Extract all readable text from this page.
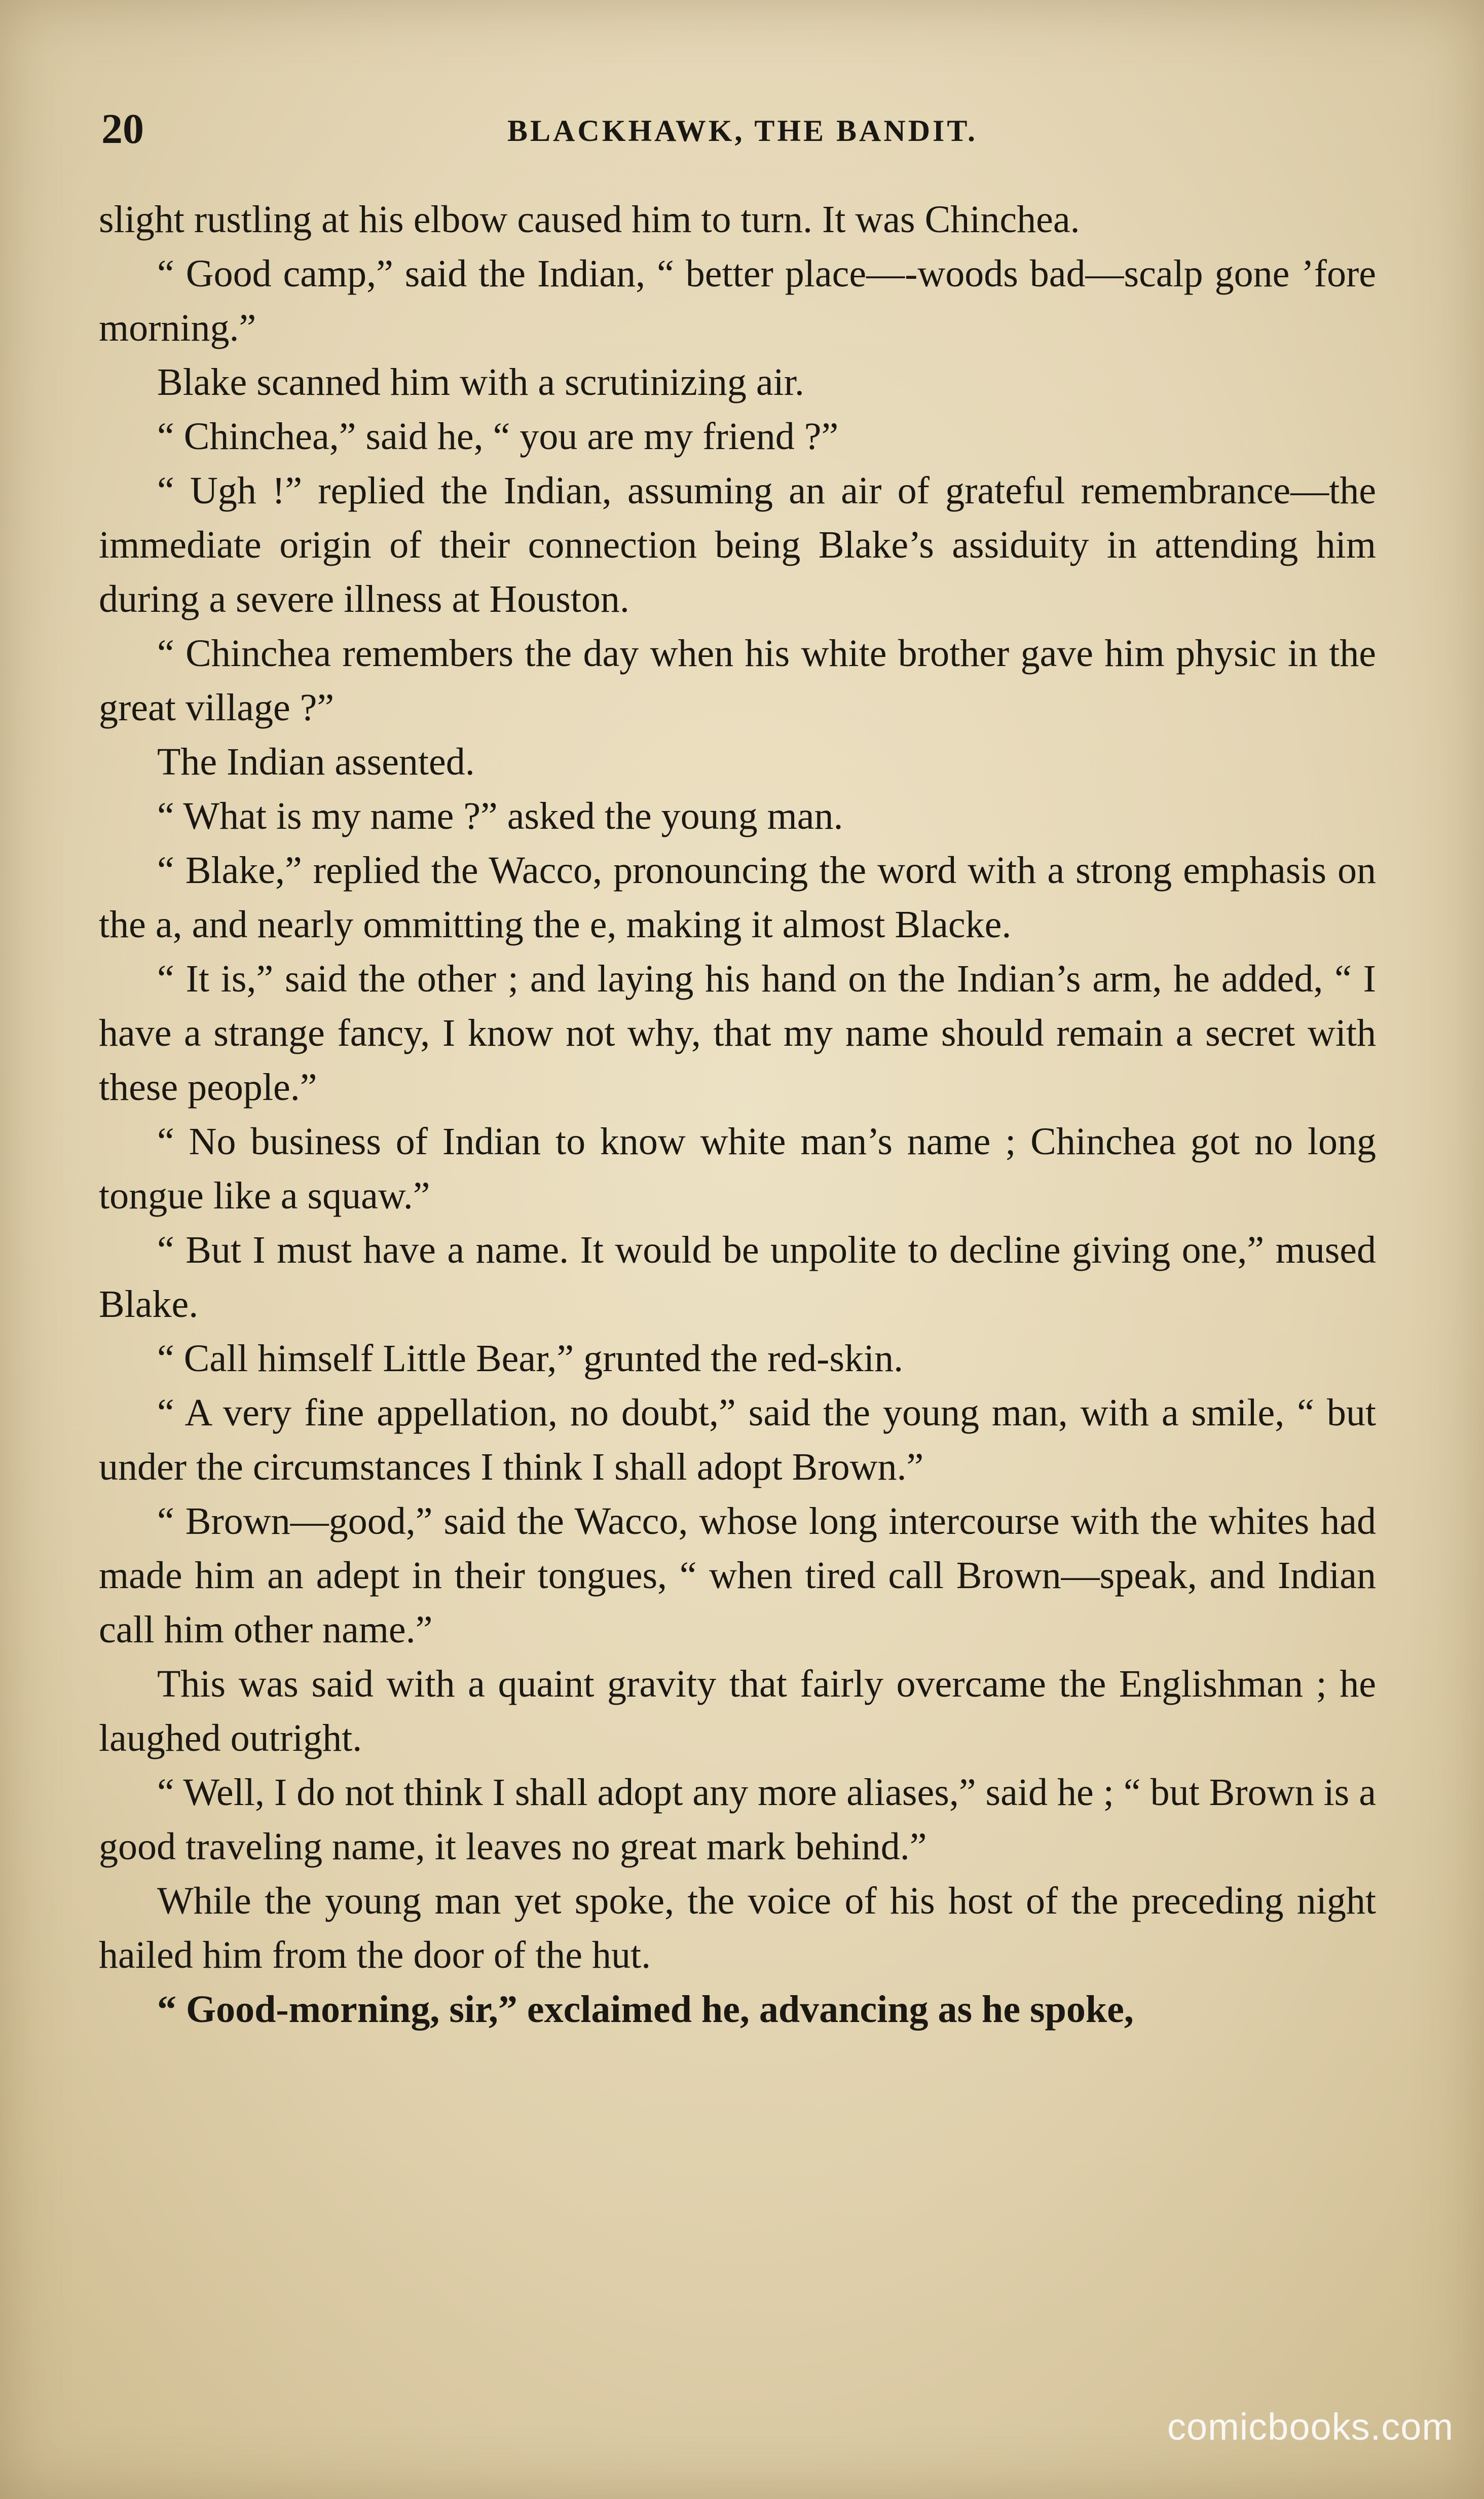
20	BLACKHAWK, THE BANDIT.

slight rustling at his elbow caused him to turn. It was Chinchea.

“ Good camp,” said the Indian, “ better place—-woods bad—scalp gone ’fore morning.”

Blake scanned him with a scrutinizing air.

“ Chinchea,” said he, “ you are my friend ?”

“ Ugh !” replied the Indian, assuming an air of grateful remembrance—the immediate origin of their connection being Blake’s assiduity in attending him during a severe illness at Houston.

“ Chinchea remembers the day when his white brother gave him physic in the great village ?”

The Indian assented.

“ What is my name ?” asked the young man.

“ Blake,” replied the Wacco, pronouncing the word with a strong emphasis on the a, and nearly ommitting the e, making it almost Blacke.

“ It is,” said the other ; and laying his hand on the Indian’s arm, he added, “ I have a strange fancy, I know not why, that my name should remain a secret with these people.”

“ No business of Indian to know white man’s name ; Chinchea got no long tongue like a squaw.”

“ But I must have a name. It would be unpolite to decline giving one,” mused Blake.

“ Call himself Little Bear,” grunted the red-skin.

“ A very fine appellation, no doubt,” said the young man, with a smile, “ but under the circumstances I think I shall adopt Brown.”

“ Brown—good,” said the Wacco, whose long intercourse with the whites had made him an adept in their tongues, “ when tired call Brown—speak, and Indian call him other name.”

This was said with a quaint gravity that fairly overcame the Englishman ; he laughed outright.

“ Well, I do not think I shall adopt any more aliases,” said he ; “ but Brown is a good traveling name, it leaves no great mark behind.”

While the young man yet spoke, the voice of his host of the preceding night hailed him from the door of the hut.

“ Good-morning, sir,” exclaimed he, advancing as he spoke,

comicbooks.com
